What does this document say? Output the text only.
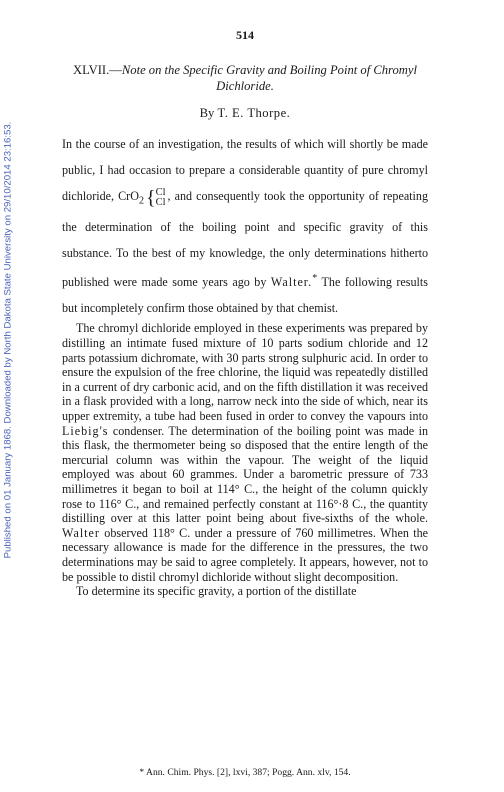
Published on 01 January 1868. Downloaded by North Dakota State University on 29/10/2014 23:16:53.
514
XLVII.—Note on the Specific Gravity and Boiling Point of Chromyl Dichloride.
By T. E. Thorpe.

In the course of an investigation, the results of which will shortly be made public, I had occasion to prepare a considerable quantity of pure chromyl dichloride, CrO$_2$ {Cl
Cl , and consequently took the opportunity of repeating the determination of the boiling point and specific gravity of this substance. To the best of my knowledge, the only determinations hitherto published were made some years ago by Walter.* The following results but incompletely confirm those obtained by that chemist.

The chromyl dichloride employed in these experiments was prepared by distilling an intimate fused mixture of 10 parts sodium chloride and 12 parts potassium dichromate, with 30 parts strong sulphuric acid. In order to ensure the expulsion of the free chlorine, the liquid was repeatedly distilled in a current of dry carbonic acid, and on the fifth distillation it was received in a flask provided with a long, narrow neck into the side of which, near its upper extremity, a tube had been fused in order to convey the vapours into Liebig's condenser. The determination of the boiling point was made in this flask, the thermometer being so disposed that the entire length of the mercurial column was within the vapour. The weight of the liquid employed was about 60 grammes. Under a barometric pressure of 733 millimetres it began to boil at 114° C., the height of the column quickly rose to 116° C., and remained perfectly constant at 116°·8 C., the quantity distilling over at this latter point being about five-sixths of the whole. Walter observed 118° C. under a pressure of 760 millimetres. When the necessary allowance is made for the difference in the pressures, the two determinations may be said to agree completely. It appears, however, not to be possible to distil chromyl dichloride without slight decomposition.

To determine its specific gravity, a portion of the distillate

* Ann. Chim. Phys. [2], lxvi, 387; Pogg. Ann. xlv, 154.
